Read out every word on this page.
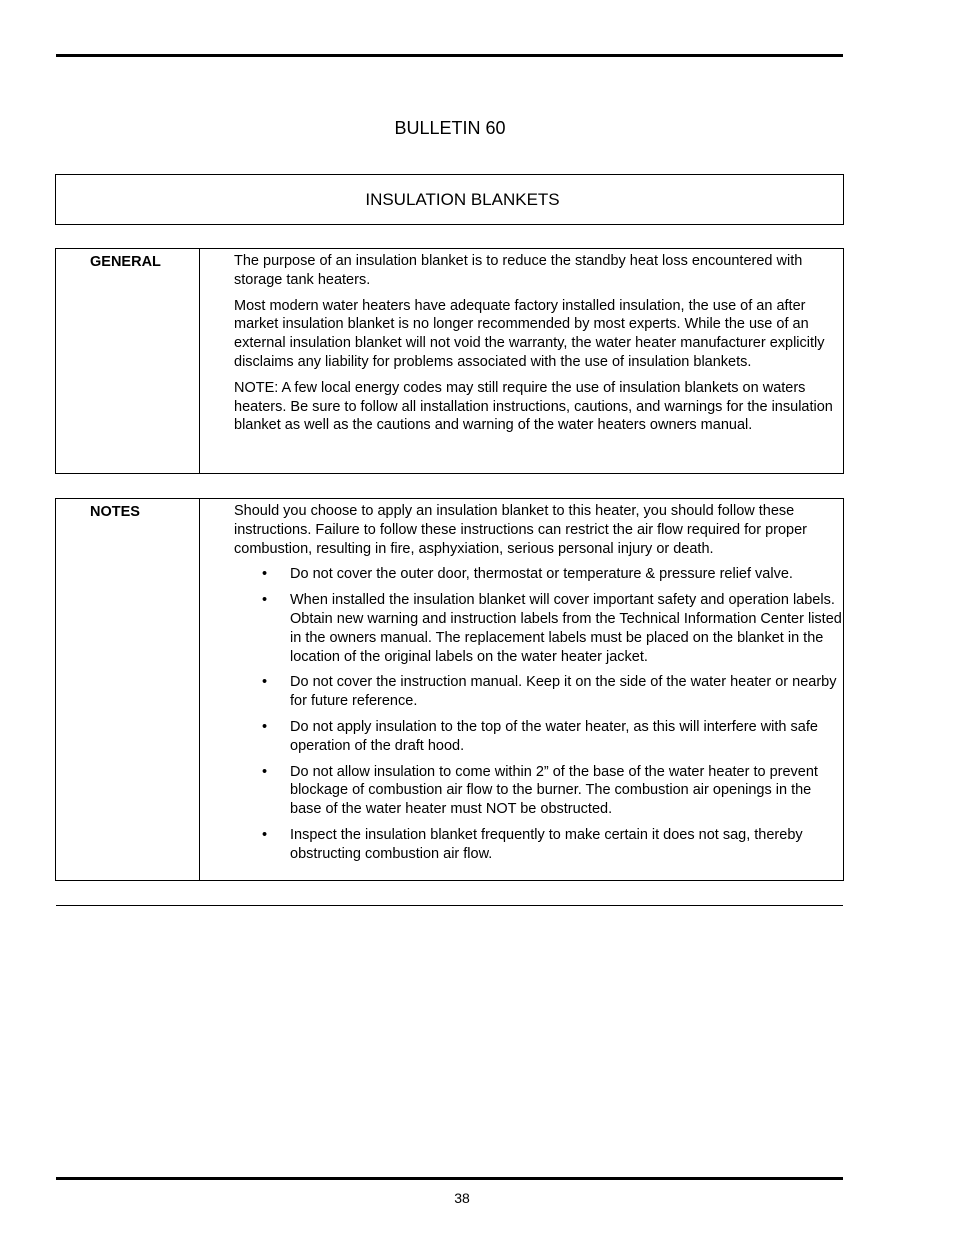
BULLETIN 60
INSULATION BLANKETS
GENERAL	The purpose of an insulation blanket is to reduce the standby heat loss encountered with storage tank heaters.

Most modern water heaters have adequate factory installed insulation, the use of an after market insulation blanket is no longer recommended by most experts. While the use of an external insulation blanket will not void the warranty, the water heater manufacturer explicitly disclaims any liability for problems associated with the use of insulation blankets.

NOTE: A few local energy codes may still require the use of insulation blankets on waters heaters. Be sure to follow all installation instructions, cautions, and warnings for the insulation blanket as well as the cautions and warning of the water heaters owners manual.

NOTES	Should you choose to apply an insulation blanket to this heater, you should follow these instructions. Failure to follow these instructions can restrict the air flow required for proper combustion, resulting in fire, asphyxiation, serious personal injury or death.

• Do not cover the outer door, thermostat or temperature & pressure relief valve.
• When installed the insulation blanket will cover important safety and operation labels. Obtain new warning and instruction labels from the Technical Information Center listed in the owners manual. The replacement labels must be placed on the blanket in the location of the original labels on the water heater jacket.
• Do not cover the instruction manual. Keep it on the side of the water heater or nearby for future reference.
• Do not apply insulation to the top of the water heater, as this will interfere with safe operation of the draft hood.
• Do not allow insulation to come within 2” of the base of the water heater to prevent blockage of combustion air flow to the burner. The combustion air openings in the base of the water heater must NOT be obstructed.
• Inspect the insulation blanket frequently to make certain it does not sag, thereby obstructing combustion air flow.
38
